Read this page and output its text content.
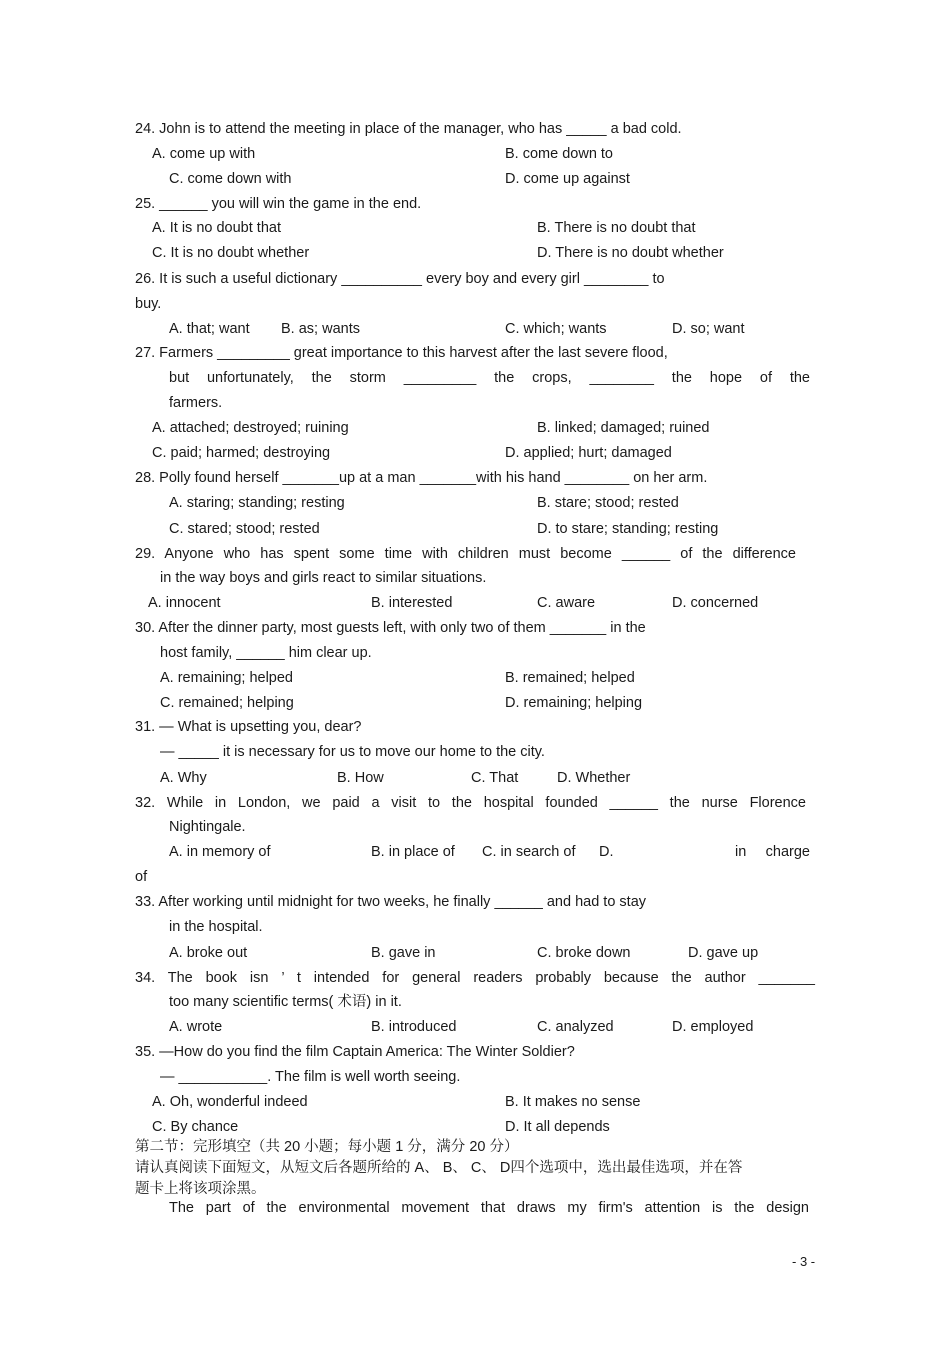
24. John is to attend the meeting in place of the manager, who has _____ a bad cold.
A. come up with	B. come down to
C. come down with	D. come up against
25. ______ you will win the game in the end.
A. It is no doubt that	B. There is no doubt that
C. It is no doubt whether	D. There is no doubt whether
26. It is such a useful dictionary __________ every boy and every girl ________ to
buy.
A. that; want B. as; wants	C. which; wants	D. so; want
27. Farmers _________ great importance to this harvest after the last severe flood,
but unfortunately, the storm _________ the crops, ________ the hope of the
farmers.
A. attached; destroyed; ruining	B. linked; damaged; ruined
C. paid; harmed; destroying	D. applied; hurt; damaged
28. Polly found herself _______up at a man _______with his hand ________ on her arm.
A. staring; standing; resting	B. stare; stood; rested
C. stared; stood; rested	D. to stare; standing; resting
29. Anyone who has spent some time with children must become ______ of the difference
in the way boys and girls react to similar situations.
A. innocent	B. interested	C. aware	D. concerned
30. After the dinner party, most guests left, with only two of them _______ in the
host family, ______ him clear up.
A. remaining; helped	B. remained; helped
C. remained; helping	D. remaining; helping
31. — What is upsetting you, dear?
— _____ it is necessary for us to move our home to the city.
A. Why	B. How	C. That	D. Whether
32. While in London, we paid a visit to the hospital founded ______ the nurse Florence
Nightingale.
A. in memory of	B. in place of C. in search of D.	in charge
of
33. After working until midnight for two weeks, he finally ______ and had to stay
in the hospital.
A. broke out	B. gave in	C. broke down	D. gave up
34. The book isn ’ t intended for general readers probably because the author _______
too many scientific terms( 术语) in it.
A. wrote	B. introduced	C. analyzed	D. employed
35. —How do you find the film Captain America: The Winter Soldier?
— ___________. The film is well worth seeing.
A. Oh, wonderful indeed	B. It makes no sense
C. By chance	D. It all depends
第二节：完形填空（共 20 小题；每小题 1 分，满分 20 分）
请认真阅读下面短文，从短文后各题所给的 A、 B、 C、 D四个选项中，选出最佳选项，并在答
题卡上将该项涂黑。
The part of the environmental movement that draws my firm's attention is the design
- 3 -
